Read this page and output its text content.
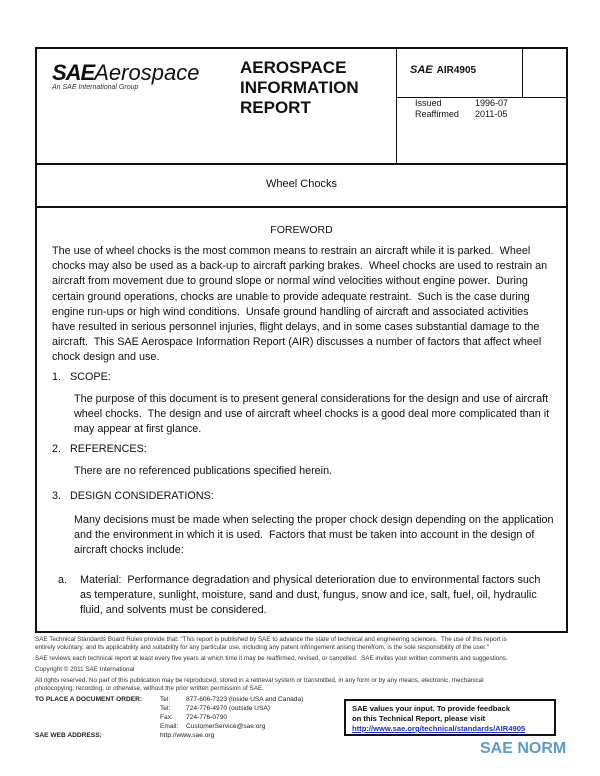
SAEAerospace
An SAE International Group
AEROSPACE
INFORMATION
REPORT
SAE AIR4905
Issued	1996-07
Reaffirmed 2011-05
Wheel Chocks
FOREWORD
The use of wheel chocks is the most common means to restrain an aircraft while it is parked.  Wheel
chocks may also be used as a back-up to aircraft parking brakes.  Wheel chocks are used to restrain an
aircraft from movement due to ground slope or normal wind velocities without engine power.  During
certain ground operations, chocks are unable to provide adequate restraint.  Such is the case during
engine run-ups or high wind conditions.  Unsafe ground handling of aircraft and associated activities
have resulted in serious personnel injuries, flight delays, and in some cases substantial damage to the
aircraft.  This SAE Aerospace Information Report (AIR) discusses a number of factors that affect wheel
chock design and use.
1.   SCOPE:
The purpose of this document is to present general considerations for the design and use of aircraft
wheel chocks.  The design and use of aircraft wheel chocks is a good deal more complicated than it
may appear at first glance.
2.   REFERENCES:
There are no referenced publications specified herein.
3.   DESIGN CONSIDERATIONS:
Many decisions must be made when selecting the proper chock design depending on the application
and the environment in which it is used.  Factors that must be taken into account in the design of
aircraft chocks include:
a. Material:  Performance degradation and physical deterioration due to environmental factors such
as temperature, sunlight, moisture, sand and dust, fungus, snow and ice, salt, fuel, oil, hydraulic
fluid, and solvents must be considered.
SAE Technical Standards Board Rules provide that: "This report is published by SAE to advance the state of technical and engineering sciences.  The use of this report is
entirely voluntary, and its applicability and suitability for any particular use, including any patent infringement arising therefrom, is the sole responsibility of the user."
SAE reviews each technical report at least every five years at which time it may be reaffirmed, revised, or cancelled.  SAE invites your written comments and suggestions.
Copyright © 2011 SAE International
All rights reserved. No part of this publication may be reproduced, stored in a retrieval system or transmitted, in any form or by any means, electronic, mechanical
photocopying, recording, or otherwise, without the prior written permission of SAE.
TO PLACE A DOCUMENT ORDER:
SAE WEB ADDRESS:
Tel: 877-606-7323 (inside USA and Canada)
Tel: 724-776-4970 (outside USA)
Fax: 724-776-0790
Email: CustomerService@sae.org
http://www.sae.org
SAE values your input. To provide feedback
on this Technical Report, please visit
http://www.sae.org/technical/standards/AIR4905
SAE NORM
